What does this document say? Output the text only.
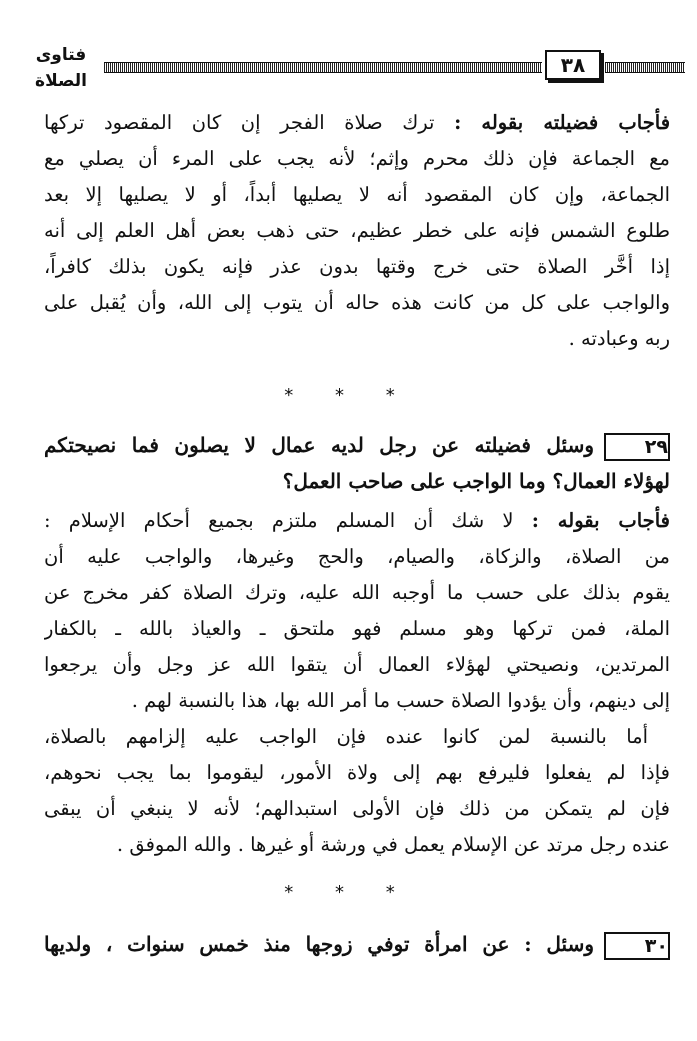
فتاوى الصلاة
٣٨
فأجاب فضيلته بقوله : ترك صلاة الفجر إن كان المقصود تركها
مع الجماعة فإن ذلك محرم وإثم؛ لأنه يجب على المرء أن يصلي مع
الجماعة، وإن كان المقصود أنه لا يصليها أبداً، أو لا يصليها إلا بعد
طلوع الشمس فإنه على خطر عظيم، حتى ذهب بعض أهل العلم إلى أنه
إذا أخَّر الصلاة حتى خرج وقتها بدون عذر فإنه يكون بذلك كافراً،
والواجب على كل من كانت هذه حاله أن يتوب إلى الله، وأن يُقبل على
ربه وعبادته .
* * *
٢٩وسئل فضيلته عن رجل لديه عمال لا يصلون فما نصيحتكم
لهؤلاء العمال؟ وما الواجب على صاحب العمل؟
فأجاب بقوله : لا شك أن المسلم ملتزم بجميع أحكام الإسلام :
من الصلاة، والزكاة، والصيام، والحج وغيرها، والواجب عليه أن
يقوم بذلك على حسب ما أوجبه الله عليه، وترك الصلاة كفر مخرج عن
الملة، فمن تركها وهو مسلم فهو ملتحق ـ والعياذ بالله ـ بالكفار
المرتدين، ونصيحتي لهؤلاء العمال أن يتقوا الله عز وجل وأن يرجعوا
إلى دينهم، وأن يؤدوا الصلاة حسب ما أمر الله بها، هذا بالنسبة لهم .
أما بالنسبة لمن كانوا عنده فإن الواجب عليه إلزامهم بالصلاة،
فإذا لم يفعلوا فليرفع بهم إلى ولاة الأمور، ليقوموا بما يجب نحوهم،
فإن لم يتمكن من ذلك فإن الأولى استبدالهم؛ لأنه لا ينبغي أن يبقى
عنده رجل مرتد عن الإسلام يعمل في ورشة أو غيرها . والله الموفق .
* * *
٣٠وسئل : عن امرأة توفي زوجها منذ خمس سنوات ، ولديها
